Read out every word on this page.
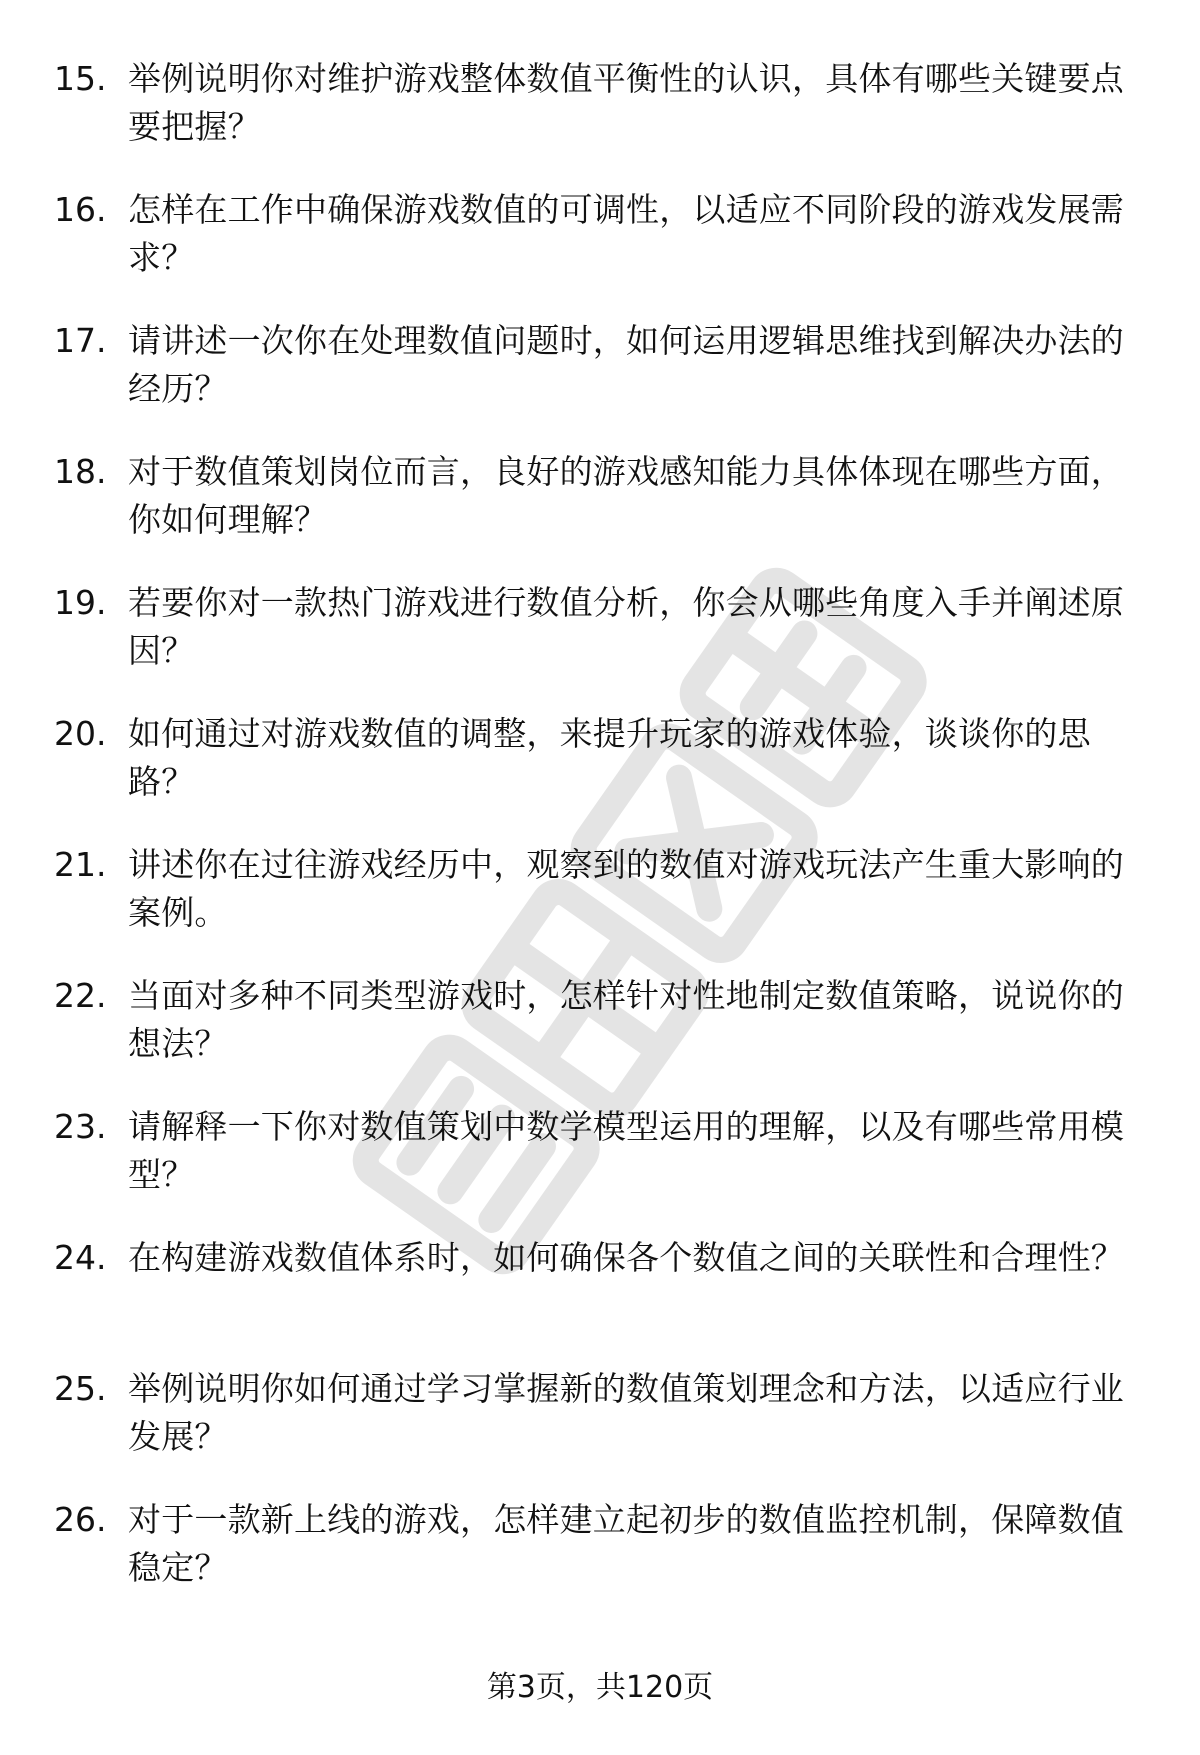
15. 举例说明你对维护游戏整体数值平衡性的认识，具体有哪些关键要点要把握？
16. 怎样在工作中确保游戏数值的可调性，以适应不同阶段的游戏发展需求？
17. 请讲述一次你在处理数值问题时，如何运用逻辑思维找到解决办法的经历？
18. 对于数值策划岗位而言，良好的游戏感知能力具体体现在哪些方面，你如何理解？
19. 若要你对一款热门游戏进行数值分析，你会从哪些角度入手并阐述原因？
20. 如何通过对游戏数值的调整，来提升玩家的游戏体验，谈谈你的思路？
21. 讲述你在过往游戏经历中，观察到的数值对游戏玩法产生重大影响的案例。
22. 当面对多种不同类型游戏时，怎样针对性地制定数值策略，说说你的想法？
23. 请解释一下你对数值策划中数学模型运用的理解，以及有哪些常用模型？
24. 在构建游戏数值体系时，如何确保各个数值之间的关联性和合理性？
25. 举例说明你如何通过学习掌握新的数值策划理念和方法，以适应行业发展？
26. 对于一款新上线的游戏，怎样建立起初步的数值监控机制，保障数值稳定？
第3页，共120页
